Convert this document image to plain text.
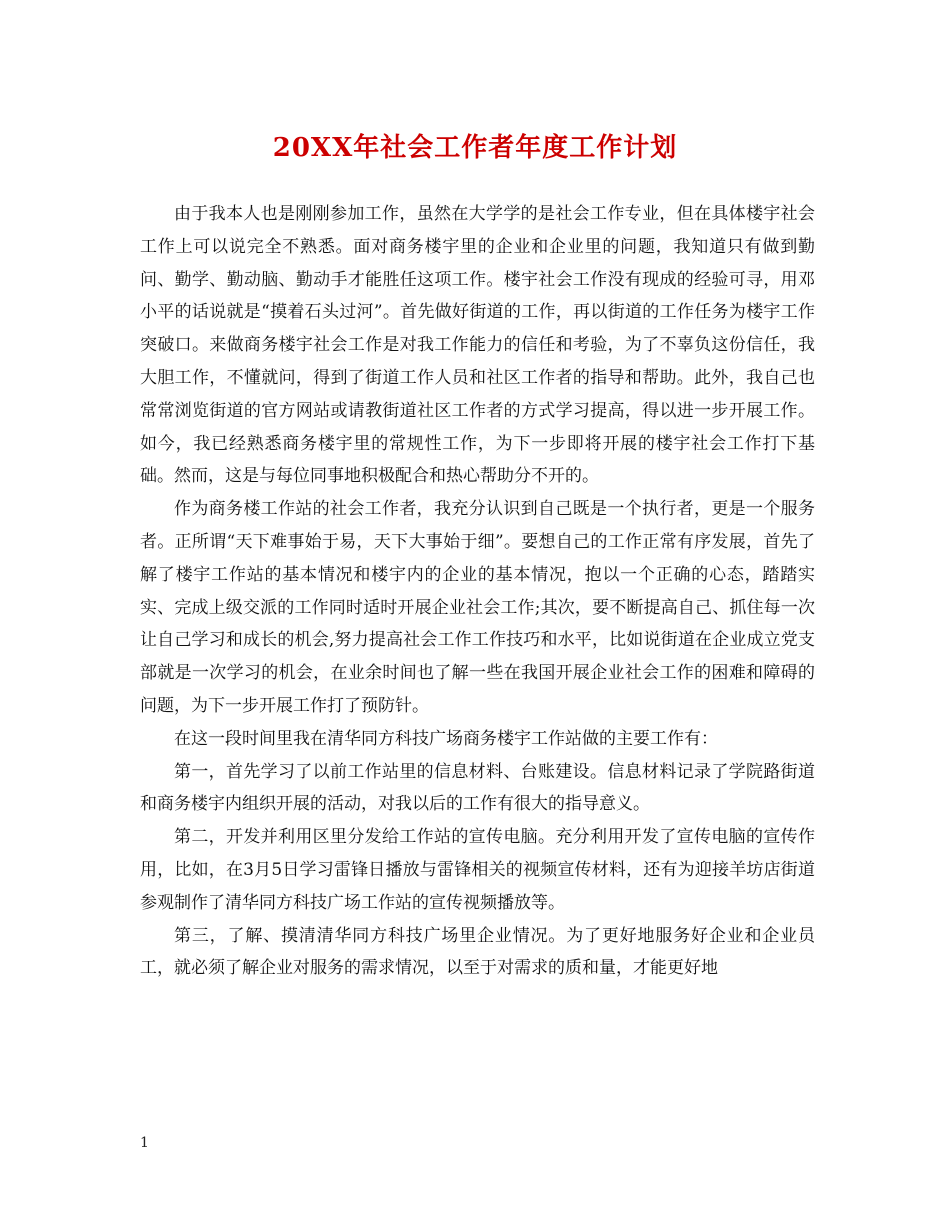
20XX年社会工作者年度工作计划

由于我本人也是刚刚参加工作，虽然在大学学的是社会工作专业，但在具体楼宇社会工作上可以说完全不熟悉。面对商务楼宇里的企业和企业里的问题，我知道只有做到勤问、勤学、勤动脑、勤动手才能胜任这项工作。楼宇社会工作没有现成的经验可寻，用邓小平的话说就是“摸着石头过河”。首先做好街道的工作，再以街道的工作任务为楼宇工作突破口。来做商务楼宇社会工作是对我工作能力的信任和考验，为了不辜负这份信任，我大胆工作，不懂就问，得到了街道工作人员和社区工作者的指导和帮助。此外，我自己也常常浏览街道的官方网站或请教街道社区工作者的方式学习提高，得以进一步开展工作。如今，我已经熟悉商务楼宇里的常规性工作，为下一步即将开展的楼宇社会工作打下基础。然而，这是与每位同事地积极配合和热心帮助分不开的。

作为商务楼工作站的社会工作者，我充分认识到自己既是一个执行者，更是一个服务者。正所谓“天下难事始于易，天下大事始于细”。要想自己的工作正常有序发展，首先了解了楼宇工作站的基本情况和楼宇内的企业的基本情况，抱以一个正确的心态，踏踏实实、完成上级交派的工作同时适时开展企业社会工作;其次，要不断提高自己、抓住每一次让自己学习和成长的机会,努力提高社会工作工作技巧和水平，比如说街道在企业成立党支部就是一次学习的机会，在业余时间也了解一些在我国开展企业社会工作的困难和障碍的问题，为下一步开展工作打了预防针。

在这一段时间里我在清华同方科技广场商务楼宇工作站做的主要工作有：

第一，首先学习了以前工作站里的信息材料、台账建设。信息材料记录了学院路街道和商务楼宇内组织开展的活动，对我以后的工作有很大的指导意义。

第二，开发并利用区里分发给工作站的宣传电脑。充分利用开发了宣传电脑的宣传作用，比如，在3月5日学习雷锋日播放与雷锋相关的视频宣传材料，还有为迎接羊坊店街道参观制作了清华同方科技广场工作站的宣传视频播放等。

第三，了解、摸清清华同方科技广场里企业情况。为了更好地服务好企业和企业员工，就必须了解企业对服务的需求情况，以至于对需求的质和量，才能更好地

1
